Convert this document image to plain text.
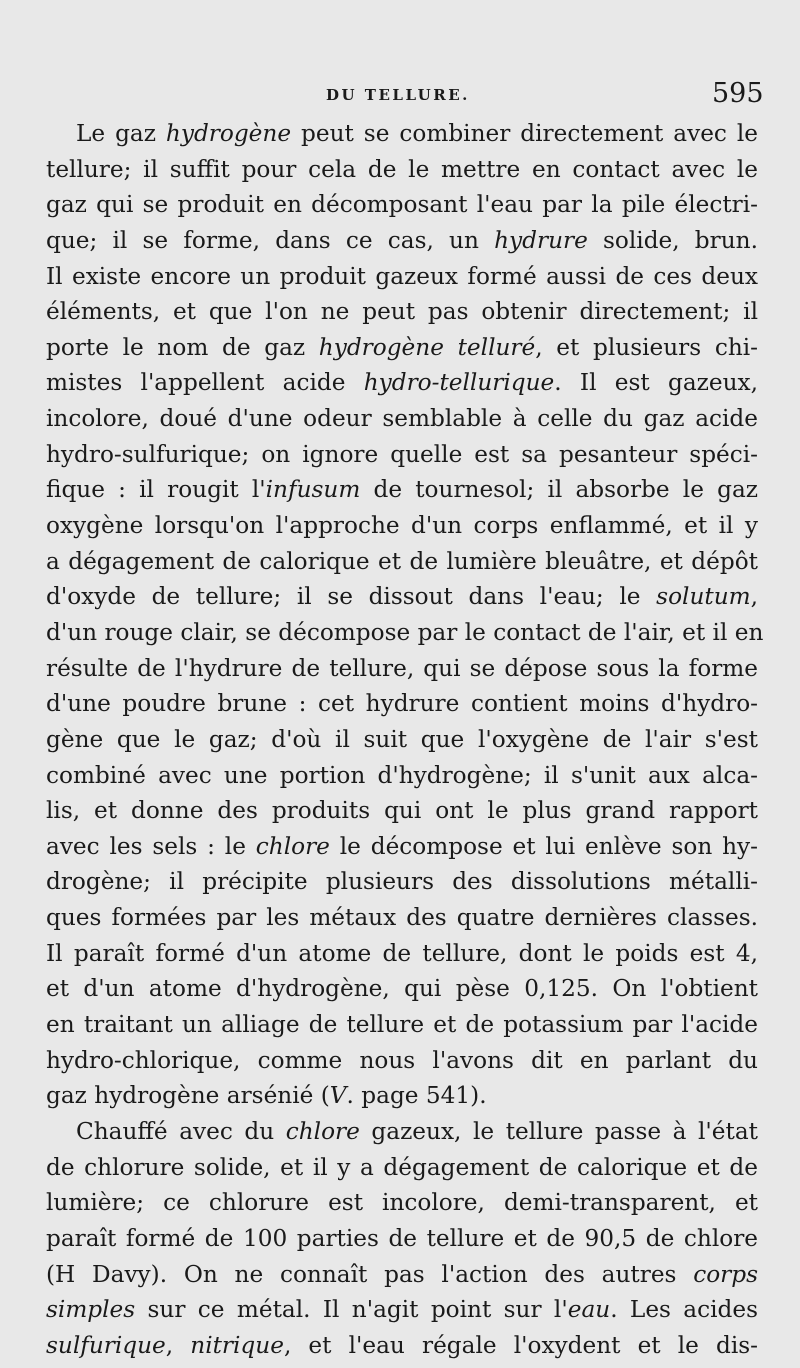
DU TELLURE.	595
Le gaz hydrogène peut se combiner directement avec le
tellure; il suffit pour cela de le mettre en contact avec le
gaz qui se produit en décomposant l'eau par la pile électri-
que; il se forme, dans ce cas, un hydrure solide, brun.
Il existe encore un produit gazeux formé aussi de ces deux
éléments, et que l'on ne peut pas obtenir directement; il
porte le nom de gaz hydrogène telluré, et plusieurs chi-
mistes l'appellent acide hydro-tellurique. Il est gazeux,
incolore, doué d'une odeur semblable à celle du gaz acide
hydro-sulfurique; on ignore quelle est sa pesanteur spéci-
fique : il rougit l'infusum de tournesol; il absorbe le gaz
oxygène lorsqu'on l'approche d'un corps enflammé, et il y
a dégagement de calorique et de lumière bleuâtre, et dépôt
d'oxyde de tellure; il se dissout dans l'eau; le solutum,
d'un rouge clair, se décompose par le contact de l'air, et il en
résulte de l'hydrure de tellure, qui se dépose sous la forme
d'une poudre brune : cet hydrure contient moins d'hydro-
gène que le gaz; d'où il suit que l'oxygène de l'air s'est
combiné avec une portion d'hydrogène; il s'unit aux alca-
lis, et donne des produits qui ont le plus grand rapport
avec les sels : le chlore le décompose et lui enlève son hy-
drogène; il précipite plusieurs des dissolutions métalli-
ques formées par les métaux des quatre dernières classes.
Il paraît formé d'un atome de tellure, dont le poids est 4,
et d'un atome d'hydrogène, qui pèse 0,125. On l'obtient
en traitant un alliage de tellure et de potassium par l'acide
hydro-chlorique, comme nous l'avons dit en parlant du
gaz hydrogène arsénié (V. page 541).
Chauffé avec du chlore gazeux, le tellure passe à l'état
de chlorure solide, et il y a dégagement de calorique et de
lumière; ce chlorure est incolore, demi-transparent, et
paraît formé de 100 parties de tellure et de 90,5 de chlore
(H Davy). On ne connaît pas l'action des autres corps
simples sur ce métal. Il n'agit point sur l'eau. Les acides
sulfurique, nitrique, et l'eau régale l'oxydent et le dis-
